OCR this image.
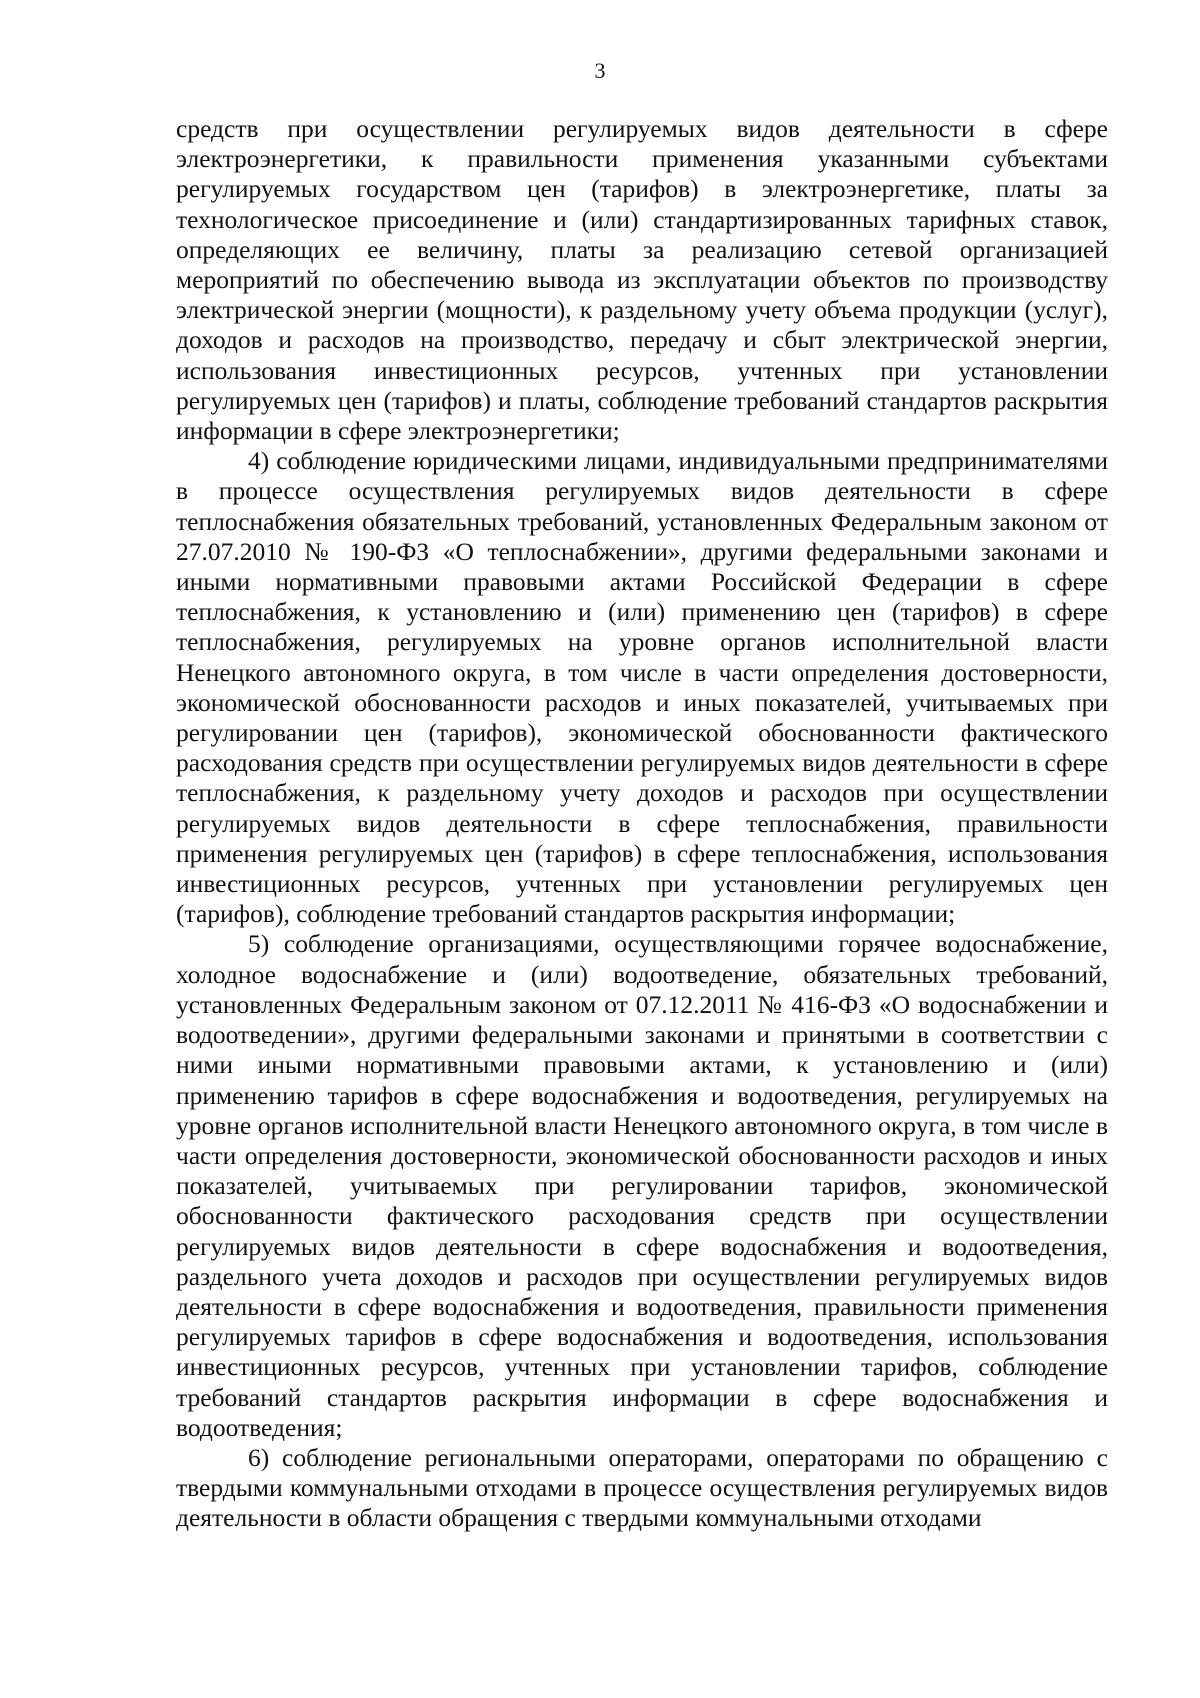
3

средств при осуществлении регулируемых видов деятельности в сфере электроэнергетики, к правильности применения указанными субъектами регулируемых государством цен (тарифов) в электроэнергетике, платы за технологическое присоединение и (или) стандартизированных тарифных ставок, определяющих ее величину, платы за реализацию сетевой организацией мероприятий по обеспечению вывода из эксплуатации объектов по производству электрической энергии (мощности), к раздельному учету объема продукции (услуг), доходов и расходов на производство, передачу и сбыт электрической энергии, использования инвестиционных ресурсов, учтенных при установлении регулируемых цен (тарифов) и платы, соблюдение требований стандартов раскрытия информации в сфере электроэнергетики;

4) соблюдение юридическими лицами, индивидуальными предпринимателями в процессе осуществления регулируемых видов деятельности в сфере теплоснабжения обязательных требований, установленных Федеральным законом от 27.07.2010 № 190-ФЗ «О теплоснабжении», другими федеральными законами и иными нормативными правовыми актами Российской Федерации в сфере теплоснабжения, к установлению и (или) применению цен (тарифов) в сфере теплоснабжения, регулируемых на уровне органов исполнительной власти Ненецкого автономного округа, в том числе в части определения достоверности, экономической обоснованности расходов и иных показателей, учитываемых при регулировании цен (тарифов), экономической обоснованности фактического расходования средств при осуществлении регулируемых видов деятельности в сфере теплоснабжения, к раздельному учету доходов и расходов при осуществлении регулируемых видов деятельности в сфере теплоснабжения, правильности применения регулируемых цен (тарифов) в сфере теплоснабжения, использования инвестиционных ресурсов, учтенных при установлении регулируемых цен (тарифов), соблюдение требований стандартов раскрытия информации;

5) соблюдение организациями, осуществляющими горячее водоснабжение, холодное водоснабжение и (или) водоотведение, обязательных требований, установленных Федеральным законом от 07.12.2011 № 416-ФЗ «О водоснабжении и водоотведении», другими федеральными законами и принятыми в соответствии с ними иными нормативными правовыми актами, к установлению и (или) применению тарифов в сфере водоснабжения и водоотведения, регулируемых на уровне органов исполнительной власти Ненецкого автономного округа, в том числе в части определения достоверности, экономической обоснованности расходов и иных показателей, учитываемых при регулировании тарифов, экономической обоснованности фактического расходования средств при осуществлении регулируемых видов деятельности в сфере водоснабжения и водоотведения, раздельного учета доходов и расходов при осуществлении регулируемых видов деятельности в сфере водоснабжения и водоотведения, правильности применения регулируемых тарифов в сфере водоснабжения и водоотведения, использования инвестиционных ресурсов, учтенных при установлении тарифов, соблюдение требований стандартов раскрытия информации в сфере водоснабжения и водоотведения;

6) соблюдение региональными операторами, операторами по обращению с твердыми коммунальными отходами в процессе осуществления регулируемых видов деятельности в области обращения с твердыми коммунальными отходами
